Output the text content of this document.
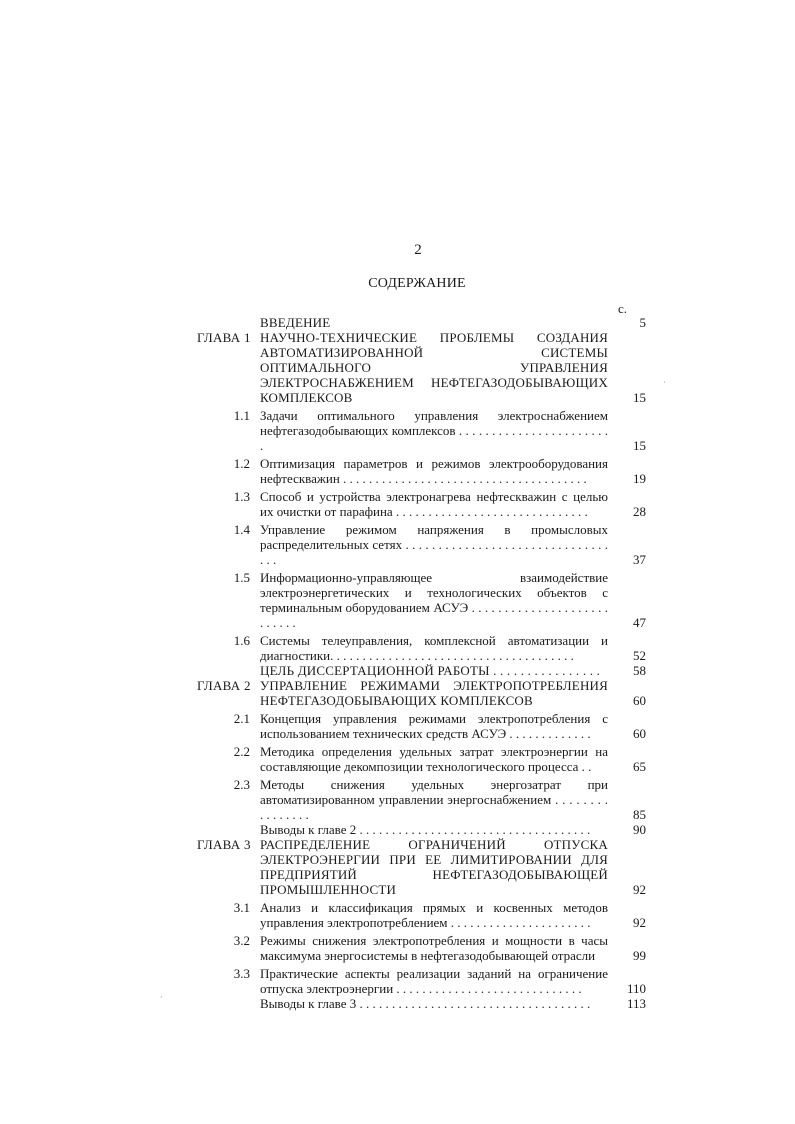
2
СОДЕРЖАНИЕ
с.
ВВЕДЕНИЕ	5
ГЛАВА 1 НАУЧНО-ТЕХНИЧЕСКИЕ ПРОБЛЕМЫ СОЗДАНИЯ АВТОМАТИЗИРОВАННОЙ СИСТЕМЫ ОПТИМАЛЬНОГО УПРАВЛЕНИЯ ЭЛЕКТРОСНАБЖЕНИЕМ НЕФТЕГАЗОДОБЫВАЮЩИХ КОМПЛЕКСОВ	15
1.1 Задачи оптимального управления электроснабжением нефтегазодобывающих комплексов . . . . . . . . . . . . . . . . . . . . . . . .	15
1.2 Оптимизация параметров и режимов электрооборудования нефтескважин . . . . . . . . . . . . . . . . . . . . . . . . . . . . . . . . . . . . . .	19
1.3 Способ и устройства электронагрева нефтескважин с целью их очистки от парафина . . . . . . . . . . . . . . . . . . . . . . . . . . . . . .	28
1.4 Управление режимом напряжения в промысловых распределительных сетях . . . . . . . . . . . . . . . . . . . . . . . . . . . . . . . . . .	37
1.5 Информационно-управляющее взаимодействие электроэнергетических и технологических объектов с терминальным оборудованием АСУЭ . . . . . . . . . . . . . . . . . . . . . . . . . . .	47
1.6 Системы телеуправления, комплексной автоматизации и диагностики. . . . . . . . . . . . . . . . . . . . . . . . . . . . . . . . . . . . . .	52
ЦЕЛЬ ДИССЕРТАЦИОННОЙ РАБОТЫ . . . . . . . . . . . . . . . .	58
ГЛАВА 2 УПРАВЛЕНИЕ РЕЖИМАМИ ЭЛЕКТРОПОТРЕБЛЕНИЯ НЕФТЕГАЗОДОБЫВАЮЩИХ КОМПЛЕКСОВ	60
2.1 Концепция управления режимами электропотребления с использованием технических средств АСУЭ . . . . . . . . . . . . .	60
2.2 Методика определения удельных затрат электроэнергии на составляющие декомпозиции технологического процесса . .	65
2.3 Методы снижения удельных энергозатрат при автоматизированном управлении энергоснабжением . . . . . . . . . . . . . . . .	85
Выводы к главе 2 . . . . . . . . . . . . . . . . . . . . . . . . . . . . . . . . . . . .	90
ГЛАВА 3 РАСПРЕДЕЛЕНИЕ ОГРАНИЧЕНИЙ ОТПУСКА ЭЛЕКТРОЭНЕРГИИ ПРИ ЕЕ ЛИМИТИРОВАНИИ ДЛЯ ПРЕДПРИЯТИЙ НЕФТЕГАЗОДОБЫВАЮЩЕЙ ПРОМЫШЛЕННОСТИ	92
3.1 Анализ и классификация прямых и косвенных методов управления электропотреблением . . . . . . . . . . . . . . . . . . . . . .	92
3.2 Режимы снижения электропотребления и мощности в часы максимума энергосистемы в нефтегазодобывающей отрасли	99
3.3 Практические аспекты реализации заданий на ограничение отпуска электроэнергии . . . . . . . . . . . . . . . . . . . . . . . . . . . . .	110
Выводы к главе 3 . . . . . . . . . . . . . . . . . . . . . . . . . . . . . . . . . . . .	113
·
·
